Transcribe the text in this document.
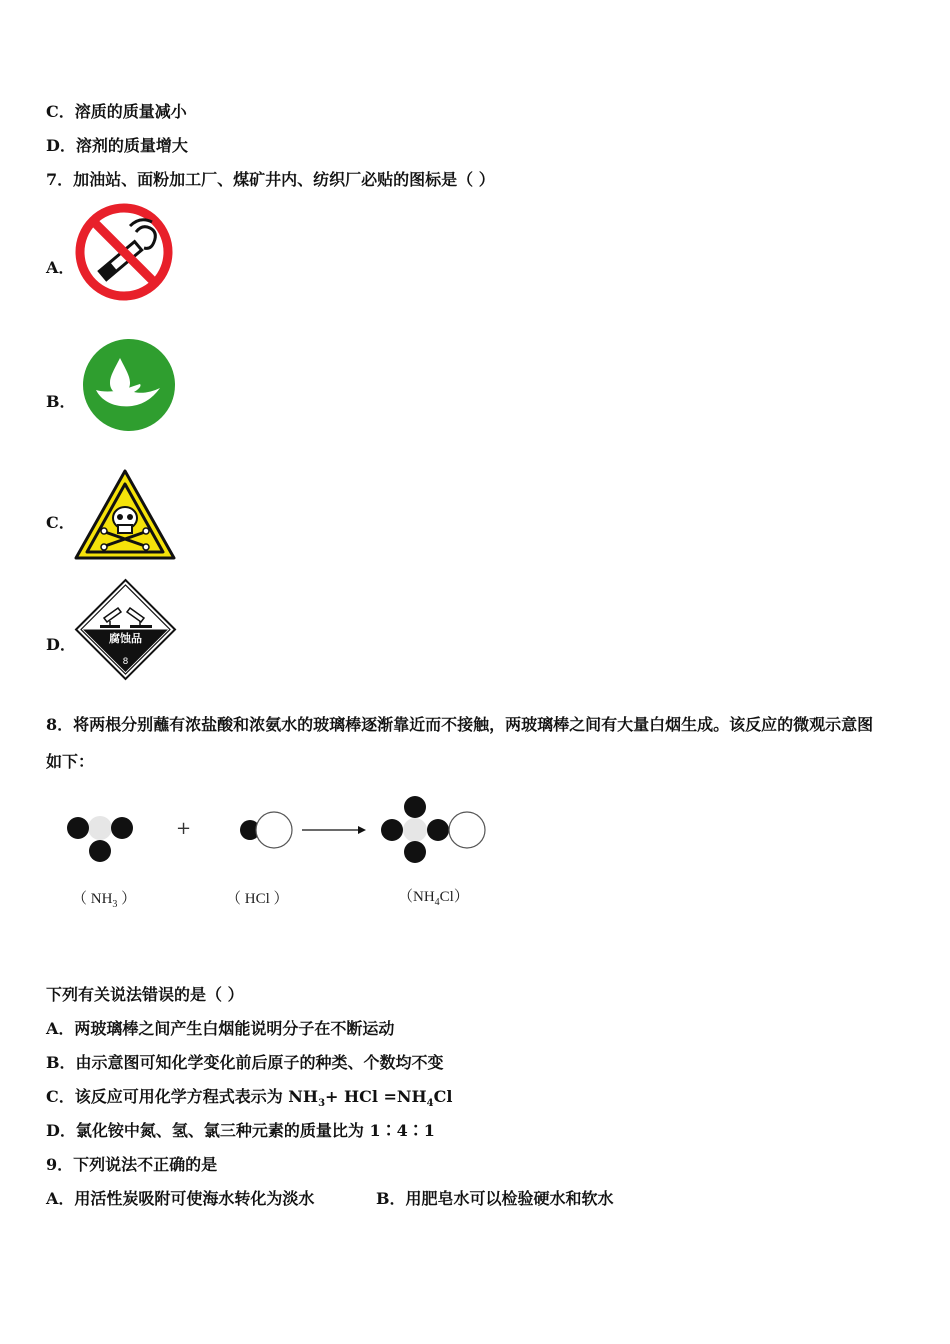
C．溶质的质量减小
D．溶剂的质量增大
7．加油站、面粉加工厂、煤矿井内、纺织厂必贴的图标是（ ）
A．
B．
C．
D．	腐蚀品
8
8．将两根分别蘸有浓盐酸和浓氨水的玻璃棒逐渐靠近而不接触，两玻璃棒之间有大量白烟生成。该反应的微观示意图
如下：
+
（ $NH_3$ ）	（ HCl ）	$(NH_4Cl)$
下列有关说法错误的是（ ）
A．两玻璃棒之间产生白烟能说明分子在不断运动
B．由示意图可知化学变化前后原子的种类、个数均不变
C．该反应可用化学方程式表示为 $NH_3+$ HCl $=NH_4Cl$
D．氯化铵中氮、氢、氯三种元素的质量比为 1∶4∶1
9．下列说法不正确的是
A．用活性炭吸附可使海水转化为淡水	B．用肥皂水可以检验硬水和软水
